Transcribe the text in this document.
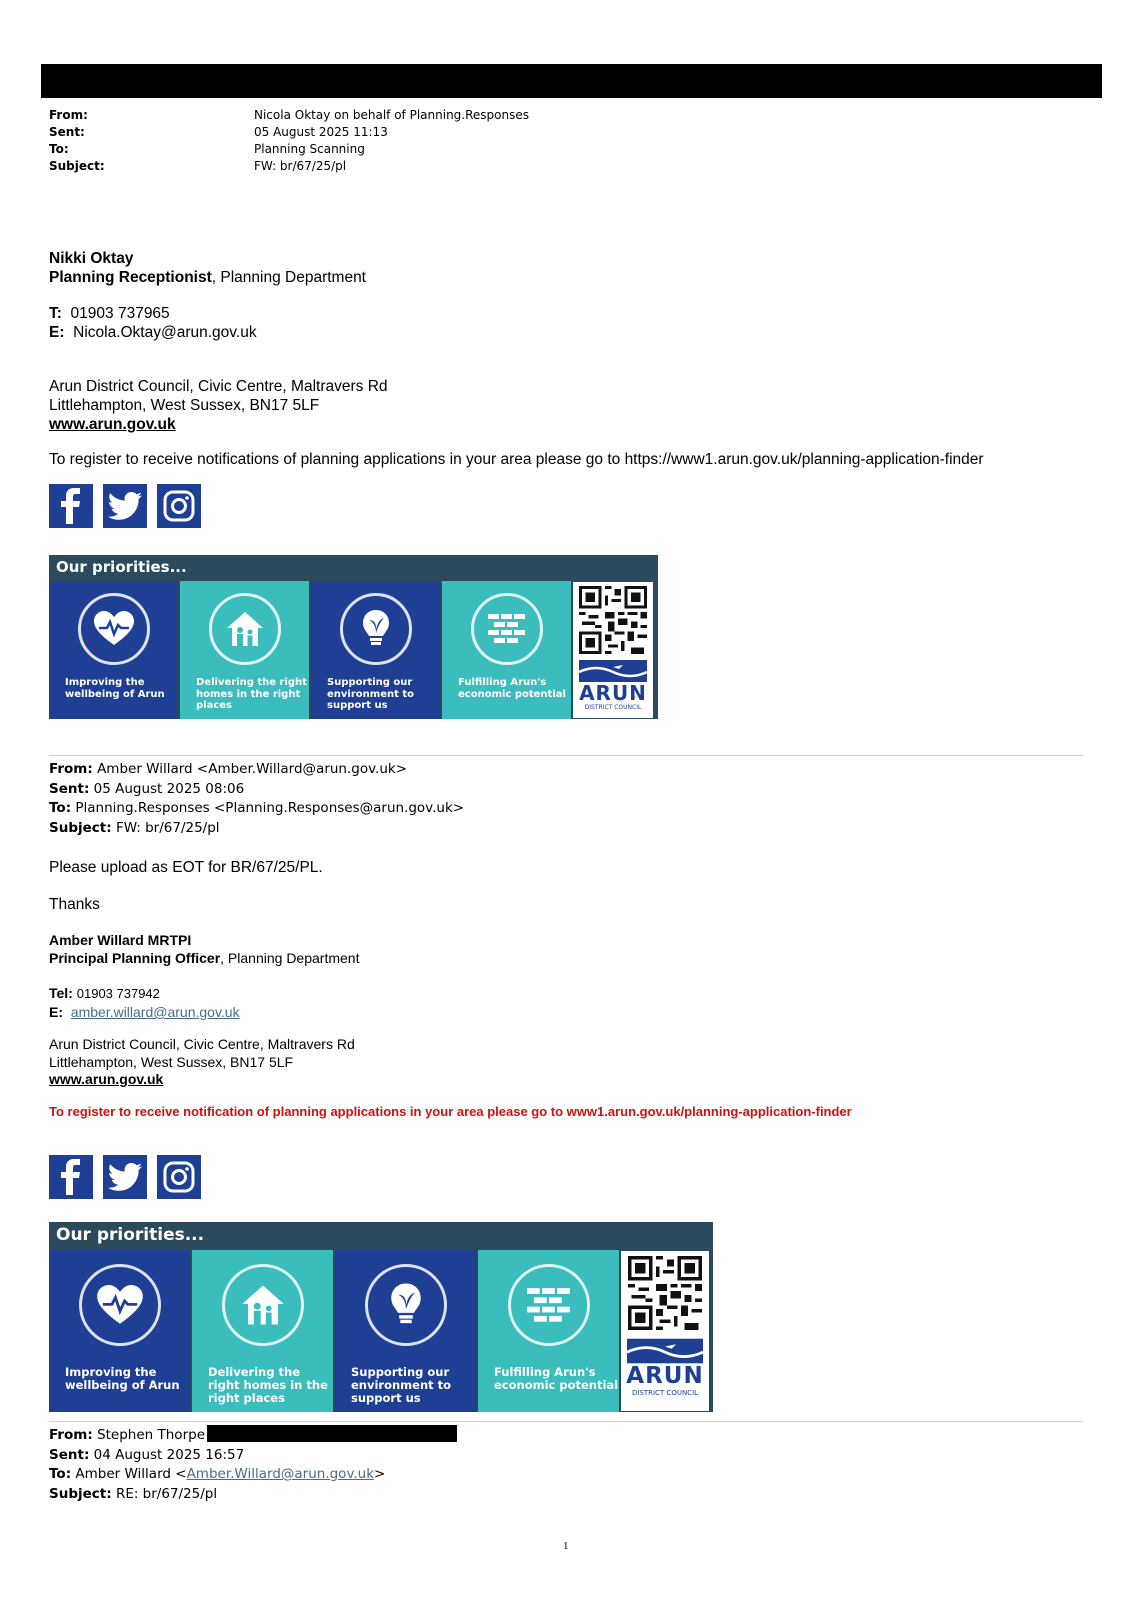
From:	Nicola Oktay on behalf of Planning.Responses
Sent:	05 August 2025 11:13
To:	Planning Scanning
Subject:	FW: br/67/25/pl
Nikki Oktay
Planning Receptionist, Planning Department
T: 01903 737965
E: Nicola.Oktay@arun.gov.uk
Arun District Council, Civic Centre, Maltravers Rd
Littlehampton, West Sussex, BN17 5LF
www.arun.gov.uk
To register to receive notifications of planning applications in your area please go to https://www1.arun.gov.uk/planning-application-finder
Our priorities...
Improving the wellbeing of Arun
Delivering the right homes in the right places
Supporting our environment to support us
Fulfilling Arun's economic potential ARUN
DISTRICT COUNCIL
From: Amber Willard <Amber.Willard@arun.gov.uk>
Sent: 05 August 2025 08:06
To: Planning.Responses <Planning.Responses@arun.gov.uk>
Subject: FW: br/67/25/pl
Please upload as EOT for BR/67/25/PL.
Thanks
Amber Willard MRTPI
Principal Planning Officer, Planning Department
Tel: 01903 737942
E: amber.willard@arun.gov.uk
Arun District Council, Civic Centre, Maltravers Rd
Littlehampton, West Sussex, BN17 5LF
www.arun.gov.uk
To register to receive notification of planning applications in your area please go to www1.arun.gov.uk/planning-application-finder
Our priorities...
Improving the wellbeing of Arun
Delivering the right homes in the right places
Supporting our environment to support us
Fulfilling Arun's economic potential ARUN
DISTRICT COUNCIL
From: Stephen Thorpe
Sent: 04 August 2025 16:57
To: Amber Willard <Amber.Willard@arun.gov.uk>
Subject: RE: br/67/25/pl
1
